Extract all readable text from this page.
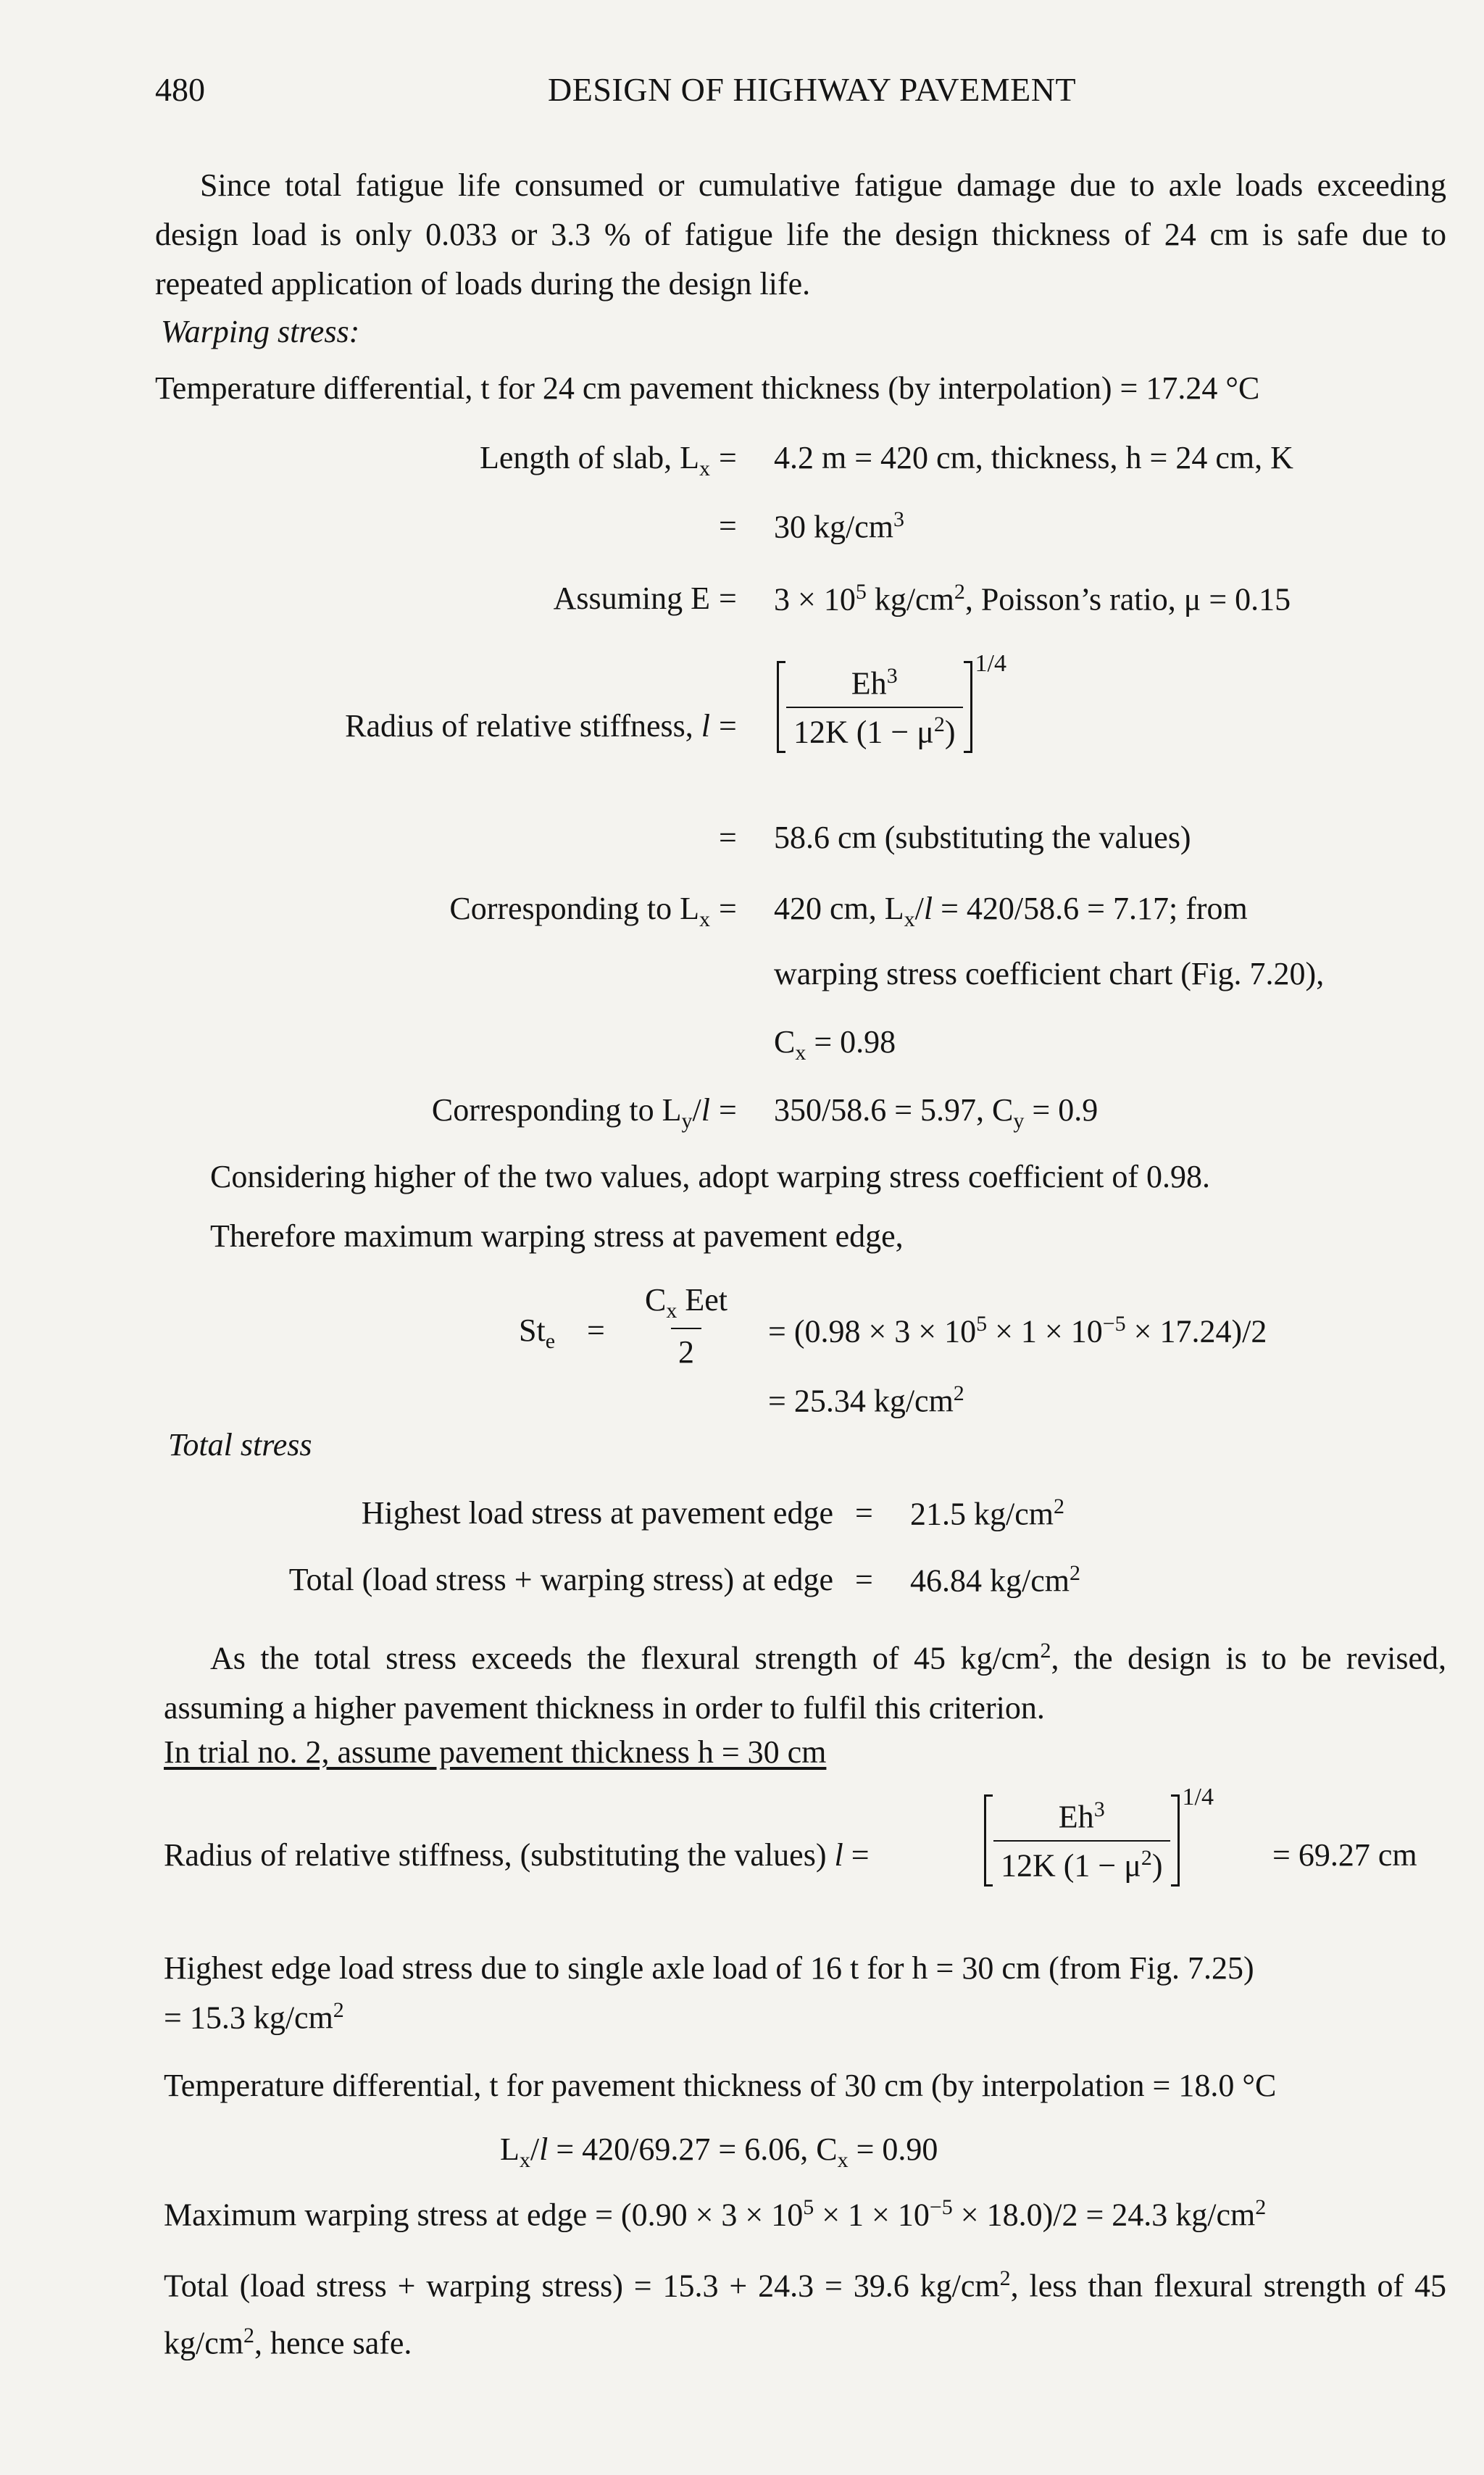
480	DESIGN OF HIGHWAY PAVEMENT
Since total fatigue life consumed or cumulative fatigue damage due to axle loads exceeding design load is only 0.033 or 3.3 % of fatigue life the design thickness of 24 cm is safe due to repeated application of loads during the design life.
Warping stress:
Temperature differential, t for 24 cm pavement thickness (by interpolation) = 17.24 °C
Length of slab, $L_x = 4.2$ m = 420 cm, thickness, h = 24 cm, K
= 30 $kg/cm^3$
Assuming $E = 3 \times 10^5$ $kg/cm^2$, Poisson’s ratio, μ = 0.15
Radius of relative stiffness, $l = \frac{Eh^3}{12K (1 - \mu^2)}$
$^{1/4}$
= 58.6 cm (substituting the values)
Corresponding to $L_x = 420$ cm, $L_x/l = 420/58.6 = 7.17$; from
warping stress coefficient chart (Fig. 7.20),
$C_x = 0.98$
Corresponding to $L_y/l = 350/58.6 = 5.97$, $C_y = 0.9$
Considering higher of the two values, adopt warping stress coefficient of 0.98.
Therefore maximum warping stress at pavement edge,
$St_e = \frac{C_x Eet}{2} = (0.98 \times 3 \times 10^5 \times 1 \times 10^{-5} \times 17.24)/2$
= 25.34 $kg/cm^2$
Total stress
Highest load stress at pavement edge = 21.5 $kg/cm^2$
Total (load stress + warping stress) at edge = 46.84 $kg/cm^2$
As the total stress exceeds the flexural strength of 45 $kg/cm^2$, the design is to be revised, assuming a higher pavement thickness in order to fulfil this criterion.
In trial no. 2, assume pavement thickness h = 30 cm
Radius of relative stiffness, (substituting the values) l =	$\frac{Eh^3}{12K (1 - \mu^2)}$
$^{1/4}$
= 69.27 cm
Highest edge load stress due to single axle load of 16 t for h = 30 cm (from Fig. 7.25)
= 15.3 $kg/cm^2$
Temperature differential, t for pavement thickness of 30 cm (by interpolation = 18.0 °C
$L_x/l = 420/69.27 = 6.06$, $C_x = 0.90$
Maximum warping stress at edge = $(0.90 \times 3 \times 10^5 \times 1 \times 10^{-5} \times 18.0)/2 = 24.3$ $kg/cm^2$
Total (load stress + warping stress) = 15.3 + 24.3 = 39.6 $kg/cm^2$, less than flexural strength of 45 $kg/cm^2$, hence safe.
